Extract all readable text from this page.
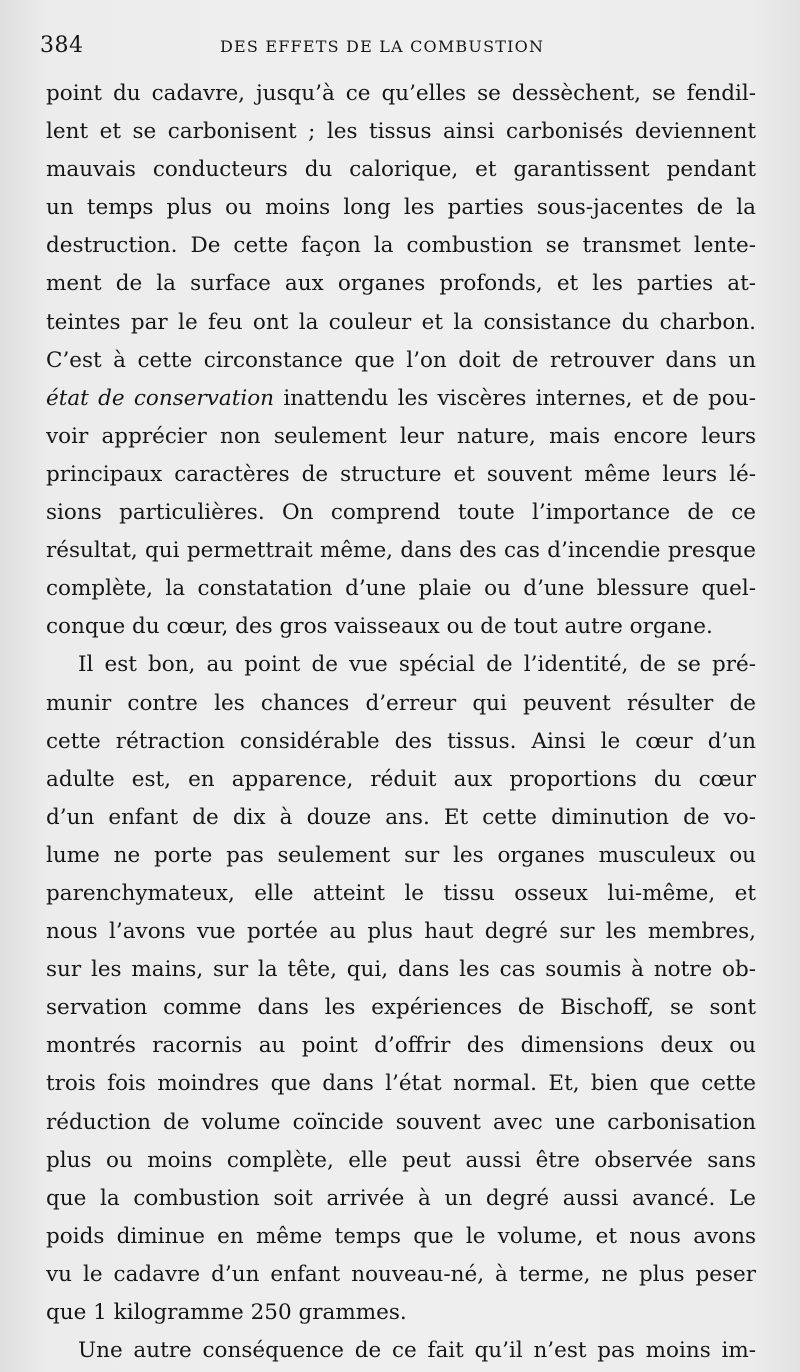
384	DES EFFETS DE LA COMBUSTION
point du cadavre, jusqu’à ce qu’elles se dessèchent, se fendil-
lent et se carbonisent ; les tissus ainsi carbonisés deviennent
mauvais conducteurs du calorique, et garantissent pendant
un temps plus ou moins long les parties sous-jacentes de la
destruction. De cette façon la combustion se transmet lente-
ment de la surface aux organes profonds, et les parties at-
teintes par le feu ont la couleur et la consistance du charbon.
C’est à cette circonstance que l’on doit de retrouver dans un
état de conservation inattendu les viscères internes, et de pou-
voir apprécier non seulement leur nature, mais encore leurs
principaux caractères de structure et souvent même leurs lé-
sions particulières. On comprend toute l’importance de ce
résultat, qui permettrait même, dans des cas d’incendie presque
complète, la constatation d’une plaie ou d’une blessure quel-
conque du cœur, des gros vaisseaux ou de tout autre organe.
Il est bon, au point de vue spécial de l’identité, de se pré-
munir contre les chances d’erreur qui peuvent résulter de
cette rétraction considérable des tissus. Ainsi le cœur d’un
adulte est, en apparence, réduit aux proportions du cœur
d’un enfant de dix à douze ans. Et cette diminution de vo-
lume ne porte pas seulement sur les organes musculeux ou
parenchymateux, elle atteint le tissu osseux lui-même, et
nous l’avons vue portée au plus haut degré sur les membres,
sur les mains, sur la tête, qui, dans les cas soumis à notre ob-
servation comme dans les expériences de Bischoff, se sont
montrés racornis au point d’offrir des dimensions deux ou
trois fois moindres que dans l’état normal. Et, bien que cette
réduction de volume coïncide souvent avec une carbonisation
plus ou moins complète, elle peut aussi être observée sans
que la combustion soit arrivée à un degré aussi avancé. Le
poids diminue en même temps que le volume, et nous avons
vu le cadavre d’un enfant nouveau-né, à terme, ne plus peser
que 1 kilogramme 250 grammes.
Une autre conséquence de ce fait qu’il n’est pas moins im-
